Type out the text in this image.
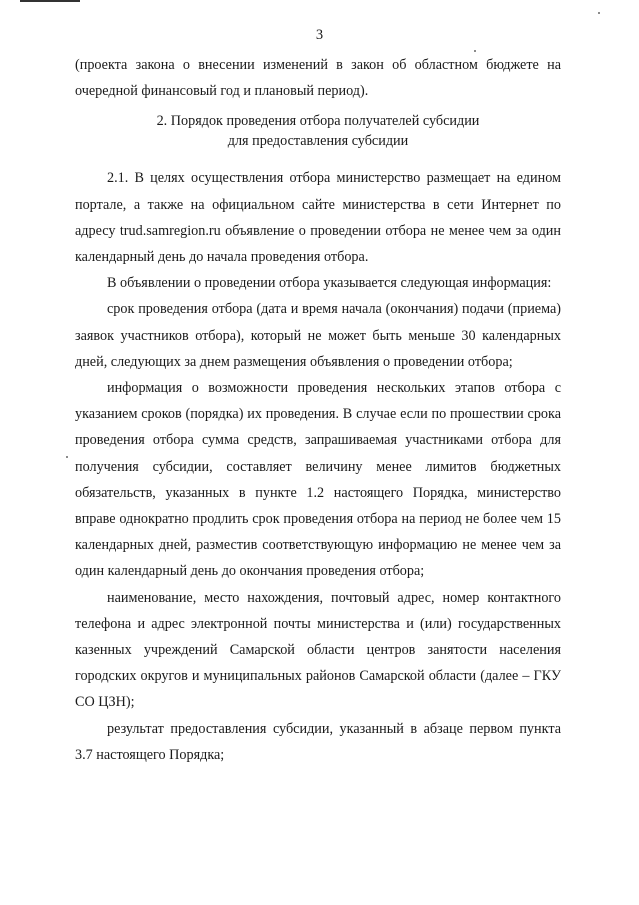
3

(проекта закона о внесении изменений в закон об областном бюджете на очередной финансовый год и плановый период).

2. Порядок проведения отбора получателей субсидии
для предоставления субсидии

2.1. В целях осуществления отбора министерство размещает на едином портале, а также на официальном сайте министерства в сети Интернет по адресу trud.samregion.ru объявление о проведении отбора не менее чем за один календарный день до начала проведения отбора.

В объявлении о проведении отбора указывается следующая информация:

срок проведения отбора (дата и время начала (окончания) подачи (приема) заявок участников отбора), который не может быть меньше 30 календарных дней, следующих за днем размещения объявления о проведении отбора;

информация о возможности проведения нескольких этапов отбора с указанием сроков (порядка) их проведения. В случае если по прошествии срока проведения отбора сумма средств, запрашиваемая участниками отбора для получения субсидии, составляет величину менее лимитов бюджетных обязательств, указанных в пункте 1.2 настоящего Порядка, министерство вправе однократно продлить срок проведения отбора на период не более чем 15 календарных дней, разместив соответствующую информацию не менее чем за один календарный день до окончания проведения отбора;

наименование, место нахождения, почтовый адрес, номер контактного телефона и адрес электронной почты министерства и (или) государственных казенных учреждений Самарской области центров занятости населения городских округов и муниципальных районов Самарской области (далее – ГКУ СО ЦЗН);

результат предоставления субсидии, указанный в абзаце первом пункта 3.7 настоящего Порядка;
